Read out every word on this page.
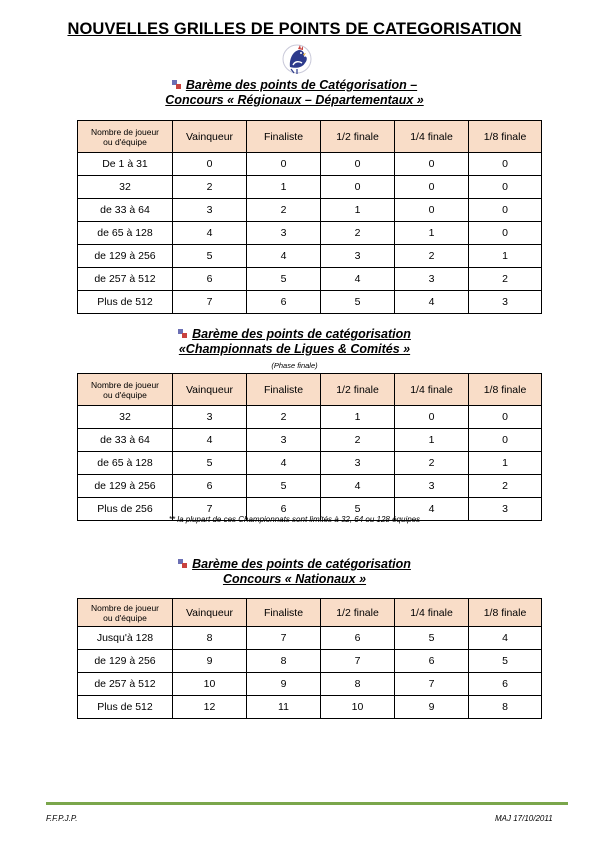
NOUVELLES GRILLES DE POINTS DE CATEGORISATION
Barème des points de Catégorisation –
Concours « Régionaux – Départementaux »
Nombre de joueur
ou d'équipe	Vainqueur	Finaliste	1/2 finale	1/4 finale	1/8 finale
De 1 à 31	0	0	0	0	0
32	2	1	0	0	0
de 33 à 64	3	2	1	0	0
de 65 à 128	4	3	2	1	0
de 129 à 256	5	4	3	2	1
de 257 à 512	6	5	4	3	2
Plus de 512	7	6	5	4	3
Barème des points de catégorisation
«Championnats de Ligues & Comités »
(Phase finale)
Nombre de joueur
ou d'équipe	Vainqueur	Finaliste	1/2 finale	1/4 finale	1/8 finale
32	3	2	1	0	0
de 33 à 64	4	3	2	1	0
de 65 à 128	5	4	3	2	1
de 129 à 256	6	5	4	3	2
Plus de 256	7	6	5	4	3
** la plupart de ces Championnats sont limités à 32, 64 ou 128 équipes
Barème des points de catégorisation
Concours « Nationaux »
Nombre de joueur
ou d'équipe	Vainqueur	Finaliste	1/2 finale	1/4 finale	1/8 finale
Jusqu'à 128	8	7	6	5	4
de 129 à 256	9	8	7	6	5
de 257 à 512	10	9	8	7	6
Plus de 512	12	11	10	9	8
F.F.P.J.P.	MAJ 17/10/2011
